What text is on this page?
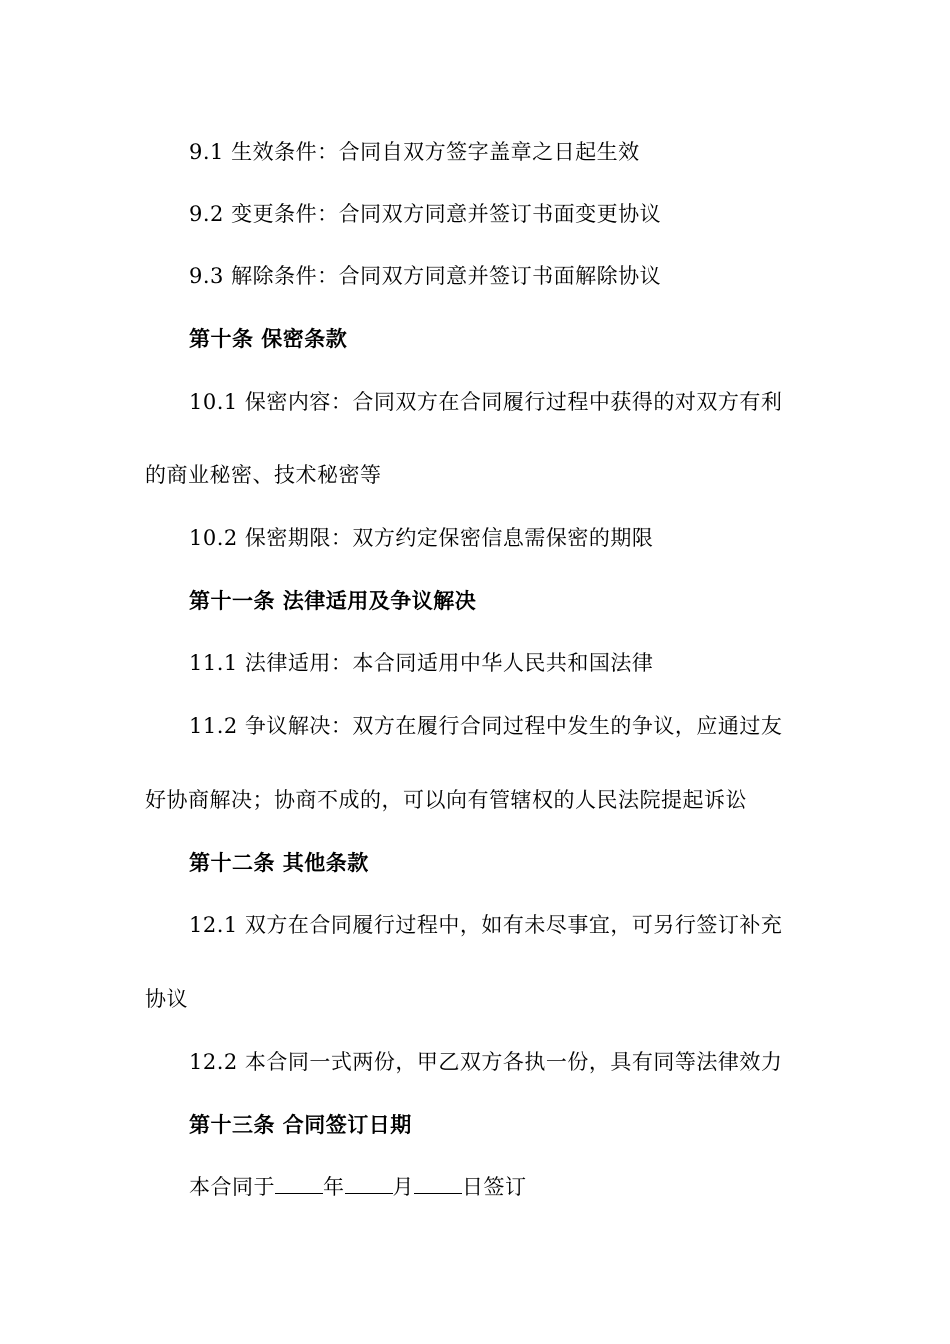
9.1 生效条件：合同自双方签字盖章之日起生效
9.2 变更条件：合同双方同意并签订书面变更协议
9.3 解除条件：合同双方同意并签订书面解除协议
第十条 保密条款
10.1 保密内容：合同双方在合同履行过程中获得的对双方有利
的商业秘密、技术秘密等
10.2 保密期限：双方约定保密信息需保密的期限
第十一条 法律适用及争议解决
11.1 法律适用：本合同适用中华人民共和国法律
11.2 争议解决：双方在履行合同过程中发生的争议，应通过友
好协商解决；协商不成的，可以向有管辖权的人民法院提起诉讼
第十二条 其他条款
12.1 双方在合同履行过程中，如有未尽事宜，可另行签订补充
协议
12.2 本合同一式两份，甲乙双方各执一份，具有同等法律效力
第十三条 合同签订日期
本合同于 年 月 日签订
